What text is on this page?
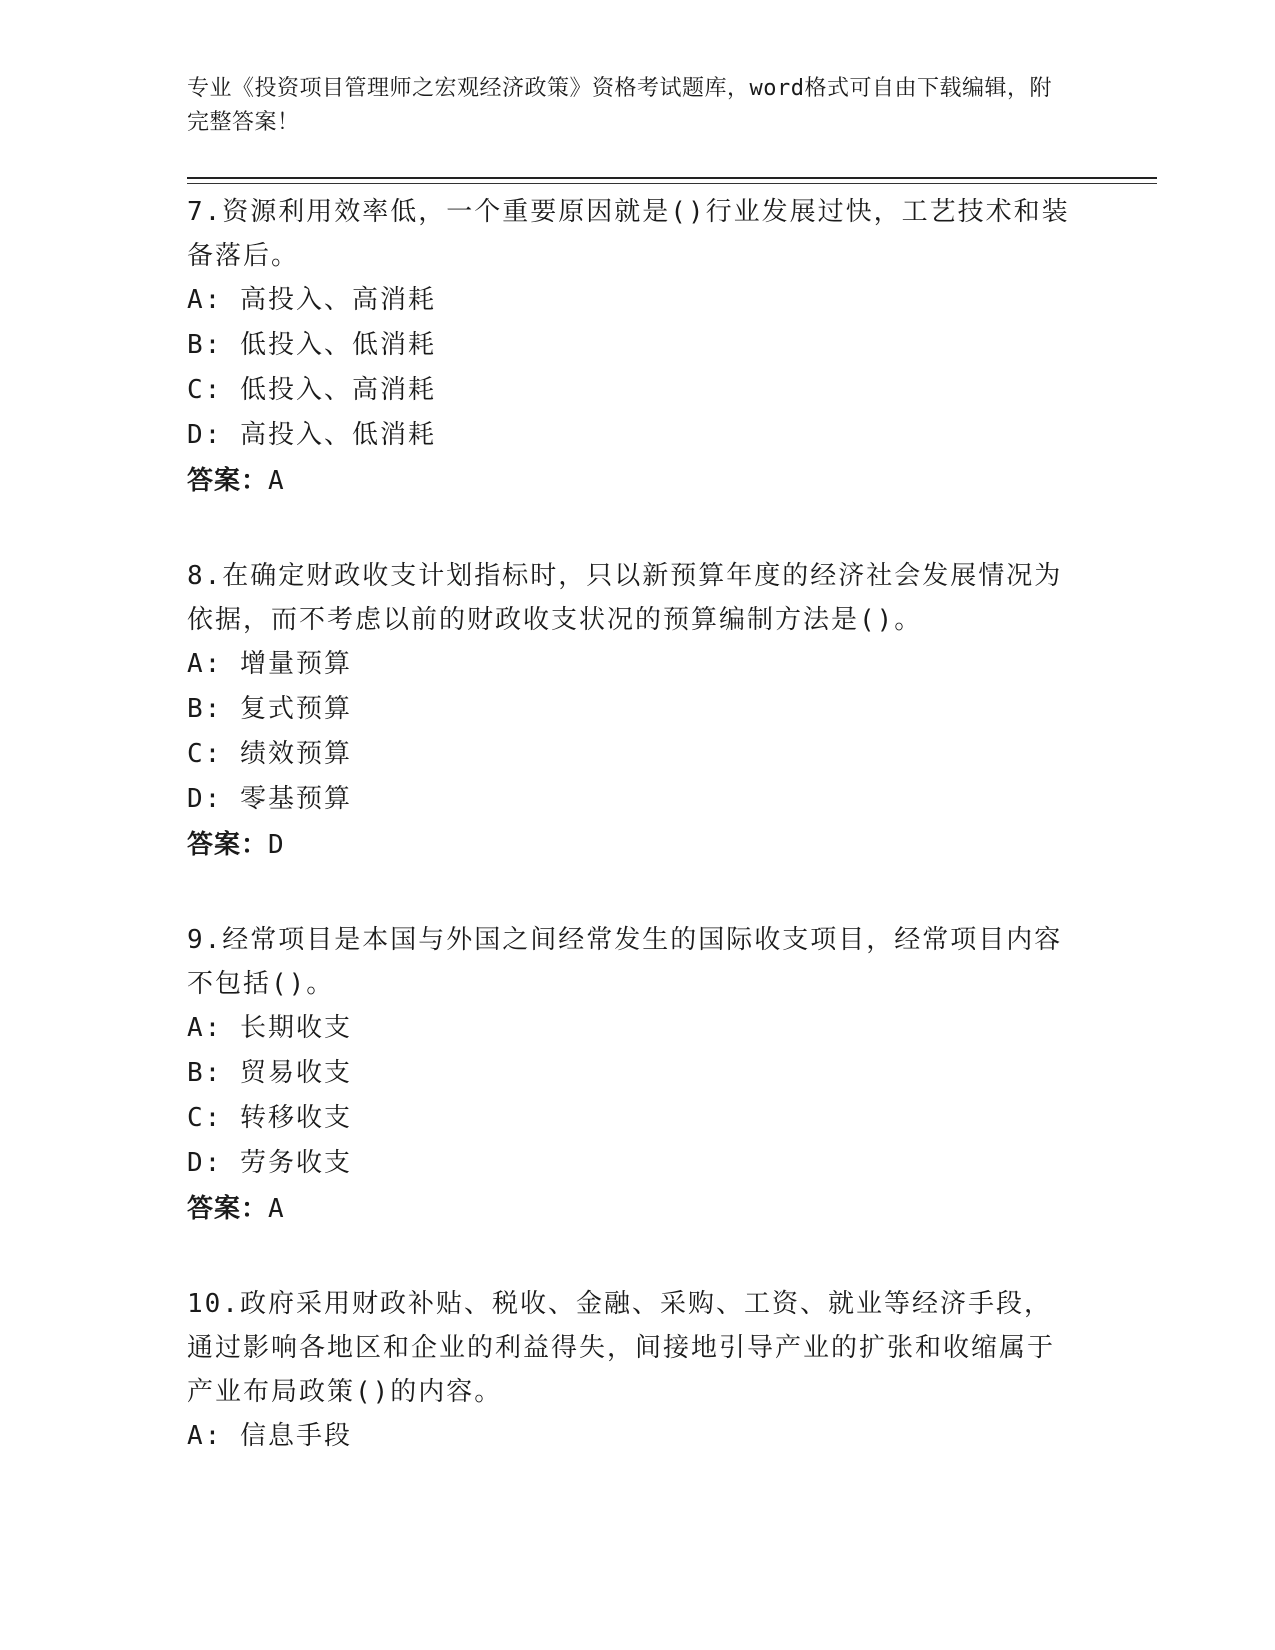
专业《投资项目管理师之宏观经济政策》资格考试题库，word格式可自由下载编辑，附完整答案！

7.资源利用效率低，一个重要原因就是()行业发展过快，工艺技术和装备落后。

A: 高投入、高消耗

B: 低投入、低消耗

C: 低投入、高消耗

D: 高投入、低消耗

答案：A

8.在确定财政收支计划指标时，只以新预算年度的经济社会发展情况为依据，而不考虑以前的财政收支状况的预算编制方法是()。

A: 增量预算

B: 复式预算

C: 绩效预算

D: 零基预算

答案：D

9.经常项目是本国与外国之间经常发生的国际收支项目，经常项目内容不包括()。

A: 长期收支

B: 贸易收支

C: 转移收支

D: 劳务收支

答案：A

10.政府采用财政补贴、税收、金融、采购、工资、就业等经济手段，通过影响各地区和企业的利益得失，间接地引导产业的扩张和收缩属于产业布局政策()的内容。

A: 信息手段
